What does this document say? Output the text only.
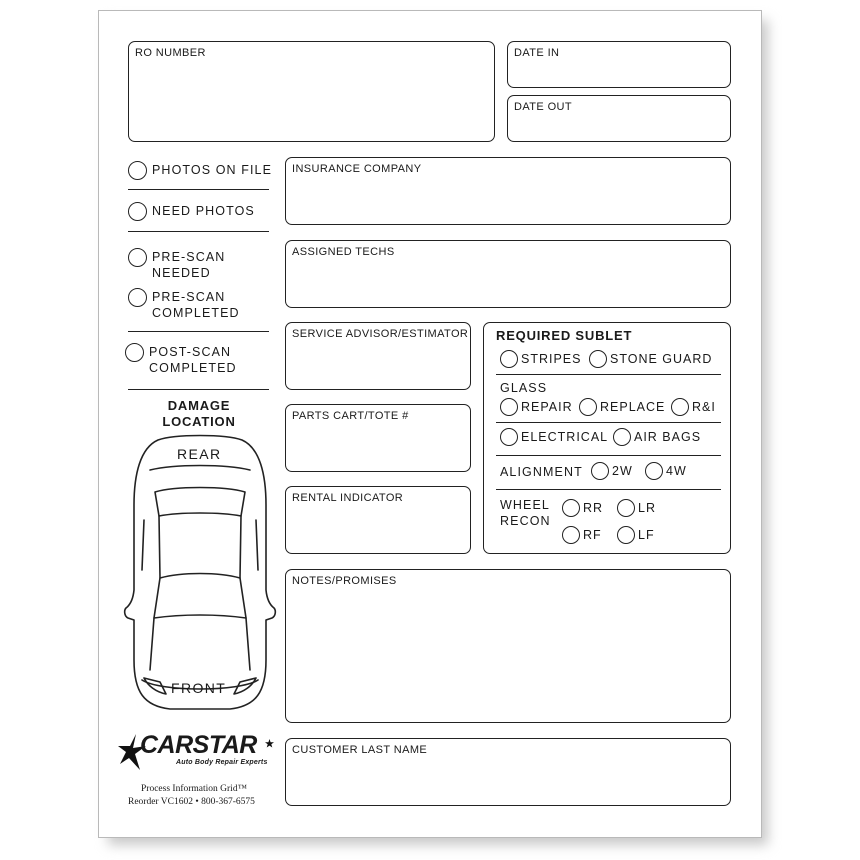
RO NUMBER	DATE IN
DATE OUT
PHOTOS ON FILE
NEED PHOTOS
PRE-SCAN
NEEDED
PRE-SCAN
COMPLETED
POST-SCAN
COMPLETED
INSURANCE COMPANY
ASSIGNED TECHS
SERVICE ADVISOR/ESTIMATOR
PARTS CART/TOTE #
RENTAL INDICATOR
REQUIRED SUBLET
STRIPES STONE GUARD
GLASS
REPAIR REPLACE R&I
ELECTRICAL AIR BAGS
ALIGNMENT 2W	4W
WHEEL
RECON
RR	LR
RF	LF
NOTES/PROMISES
CUSTOMER LAST NAME
DAMAGE
LOCATION
REAR
FRONT
CARSTAR
Auto Body Repair Experts
Process Information Grid™
Reorder VC1602 • 800-367-6575
